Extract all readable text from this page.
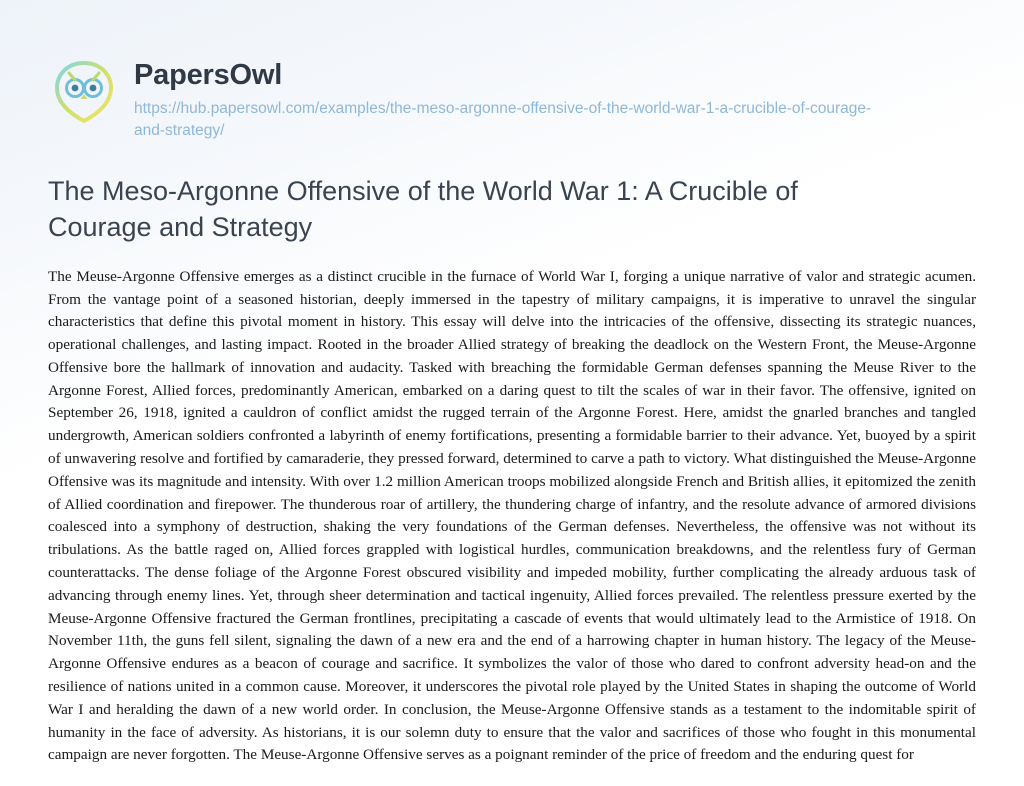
PapersOwl
https://hub.papersowl.com/examples/the-meso-argonne-offensive-of-the-world-war-1-a-crucible-of-courage-and-strategy/
The Meso-Argonne Offensive of the World War 1: A Crucible of Courage and Strategy

The Meuse-Argonne Offensive emerges as a distinct crucible in the furnace of World War I, forging a unique narrative of valor and strategic acumen. From the vantage point of a seasoned historian, deeply immersed in the tapestry of military campaigns, it is imperative to unravel the singular characteristics that define this pivotal moment in history. This essay will delve into the intricacies of the offensive, dissecting its strategic nuances, operational challenges, and lasting impact. Rooted in the broader Allied strategy of breaking the deadlock on the Western Front, the Meuse-Argonne Offensive bore the hallmark of innovation and audacity. Tasked with breaching the formidable German defenses spanning the Meuse River to the Argonne Forest, Allied forces, predominantly American, embarked on a daring quest to tilt the scales of war in their favor. The offensive, ignited on September 26, 1918, ignited a cauldron of conflict amidst the rugged terrain of the Argonne Forest. Here, amidst the gnarled branches and tangled undergrowth, American soldiers confronted a labyrinth of enemy fortifications, presenting a formidable barrier to their advance. Yet, buoyed by a spirit of unwavering resolve and fortified by camaraderie, they pressed forward, determined to carve a path to victory. What distinguished the Meuse-Argonne Offensive was its magnitude and intensity. With over 1.2 million American troops mobilized alongside French and British allies, it epitomized the zenith of Allied coordination and firepower. The thunderous roar of artillery, the thundering charge of infantry, and the resolute advance of armored divisions coalesced into a symphony of destruction, shaking the very foundations of the German defenses. Nevertheless, the offensive was not without its tribulations. As the battle raged on, Allied forces grappled with logistical hurdles, communication breakdowns, and the relentless fury of German counterattacks. The dense foliage of the Argonne Forest obscured visibility and impeded mobility, further complicating the already arduous task of advancing through enemy lines. Yet, through sheer determination and tactical ingenuity, Allied forces prevailed. The relentless pressure exerted by the Meuse-Argonne Offensive fractured the German frontlines, precipitating a cascade of events that would ultimately lead to the Armistice of 1918. On November 11th, the guns fell silent, signaling the dawn of a new era and the end of a harrowing chapter in human history. The legacy of the Meuse-Argonne Offensive endures as a beacon of courage and sacrifice. It symbolizes the valor of those who dared to confront adversity head-on and the resilience of nations united in a common cause. Moreover, it underscores the pivotal role played by the United States in shaping the outcome of World War I and heralding the dawn of a new world order. In conclusion, the Meuse-Argonne Offensive stands as a testament to the indomitable spirit of humanity in the face of adversity. As historians, it is our solemn duty to ensure that the valor and sacrifices of those who fought in this monumental campaign are never forgotten. The Meuse-Argonne Offensive serves as a poignant reminder of the price of freedom and the enduring quest for
